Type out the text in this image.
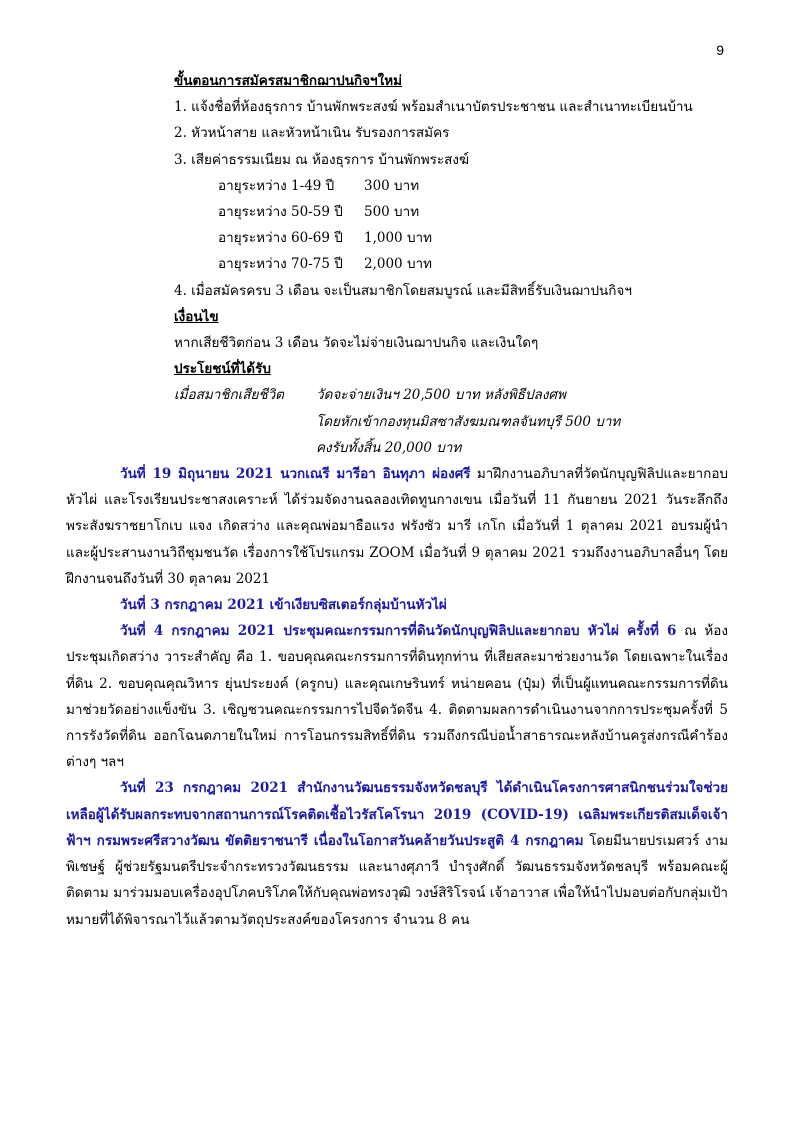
9
ขั้นตอนการสมัครสมาชิกฌาปนกิจฯใหม่
1. แจ้งชื่อที่ห้องธุรการ บ้านพักพระสงฆ์ พร้อมสำเนาบัตรประชาชน และสำเนาทะเบียนบ้าน
2. หัวหน้าสาย และหัวหน้าเนิน รับรองการสมัคร
3. เสียค่าธรรมเนียม ณ ห้องธุรการ บ้านพักพระสงฆ์
อายุระหว่าง 1-49 ปี	300 บาท
อายุระหว่าง 50-59 ปี	500 บาท
อายุระหว่าง 60-69 ปี	1,000 บาท
อายุระหว่าง 70-75 ปี	2,000 บาท
4. เมื่อสมัครครบ 3 เดือน จะเป็นสมาชิกโดยสมบูรณ์ และมีสิทธิ์รับเงินฌาปนกิจฯ
เงื่อนไข
หากเสียชีวิตก่อน 3 เดือน วัดจะไม่จ่ายเงินฌาปนกิจ และเงินใดๆ
ประโยชน์ที่ได้รับ
เมื่อสมาชิกเสียชีวิต	วัดจะจ่ายเงินฯ 20,500 บาท หลังพิธีปลงศพ
โดยหักเข้ากองทุนมิสซาสังฆมณฑลจันทบุรี 500 บาท
คงรับทั้งสิ้น 20,000 บาท

วันที่ 19 มิถุนายน 2021 นวกเณรี มารีอา อินทุภา ผ่องศรี มาฝึกงานอภิบาลที่วัดนักบุญฟิลิปและยากอบ หัวไผ่ และโรงเรียนประชาสงเคราะห์ ได้ร่วมจัดงานฉลองเทิดทูนกางเขน เมื่อวันที่ 11 กันยายน 2021 วันระลึกถึงพระสังฆราชยาโกเบ แจง เกิดสว่าง และคุณพ่อมาธือแรง ฟรังซัว มารี เกโก เมื่อวันที่ 1 ตุลาคม 2021 อบรมผู้นำและผู้ประสานงานวิถีชุมชนวัด เรื่องการใช้โปรแกรม ZOOM เมื่อวันที่ 9 ตุลาคม 2021 รวมถึงงานอภิบาลอื่นๆ โดยฝึกงานจนถึงวันที่ 30 ตุลาคม 2021

วันที่ 3 กรกฎาคม 2021 เข้าเงียบซิสเตอร์กลุ่มบ้านหัวไผ่

วันที่ 4 กรกฎาคม 2021 ประชุมคณะกรรมการที่ดินวัดนักบุญฟิลิปและยากอบ หัวไผ่ ครั้งที่ 6 ณ ห้องประชุมเกิดสว่าง วาระสำคัญ คือ 1. ขอบคุณคณะกรรมการที่ดินทุกท่าน ที่เสียสละมาช่วยงานวัด โดยเฉพาะในเรื่องที่ดิน 2. ขอบคุณคุณวิหาร ยุ่นประยงค์ (ครูกบ) และคุณเกษรินทร์ หน่ายคอน (ปุ๋ม) ที่เป็นผู้แทนคณะกรรมการที่ดิน มาช่วยวัดอย่างแข็งขัน 3. เชิญชวนคณะกรรมการไปจีดวัดจีน 4. ติดตามผลการดำเนินงานจากการประชุมครั้งที่ 5 การรังวัดที่ดิน ออกโฉนดภายในใหม่ การโอนกรรมสิทธิ์ที่ดิน รวมถึงกรณีบ่อน้ำสาธารณะหลังบ้านครูส่งกรณีคำร้องต่างๆ ฯลฯ

วันที่ 23 กรกฎาคม 2021 สำนักงานวัฒนธรรมจังหวัดชลบุรี ได้ดำเนินโครงการศาสนิกชนร่วมใจช่วยเหลือผู้ได้รับผลกระทบจากสถานการณ์โรคติดเชื้อไวรัสโคโรนา 2019 (COVID-19) เฉลิมพระเกียรติสมเด็จเจ้าฟ้าฯ กรมพระศรีสวางวัฒน ขัตติยราชนารี เนื่องในโอกาสวันคล้ายวันประสูติ 4 กรกฎาคม โดยมีนายปรเมศวร์ งามพิเชษฐ์ ผู้ช่วยรัฐมนตรีประจำกระทรวงวัฒนธรรม และนางศุภาวี บำรุงศักดิ์ วัฒนธรรมจังหวัดชลบุรี พร้อมคณะผู้ติดตาม มาร่วมมอบเครื่องอุปโภคบริโภคให้กับคุณพ่อทรงวุฒิ วงษ์สิริโรจน์ เจ้าอาวาส เพื่อให้นำไปมอบต่อกับกลุ่มเป้าหมายที่ได้พิจารณาไว้แล้วตามวัตถุประสงค์ของโครงการ จำนวน 8 คน
